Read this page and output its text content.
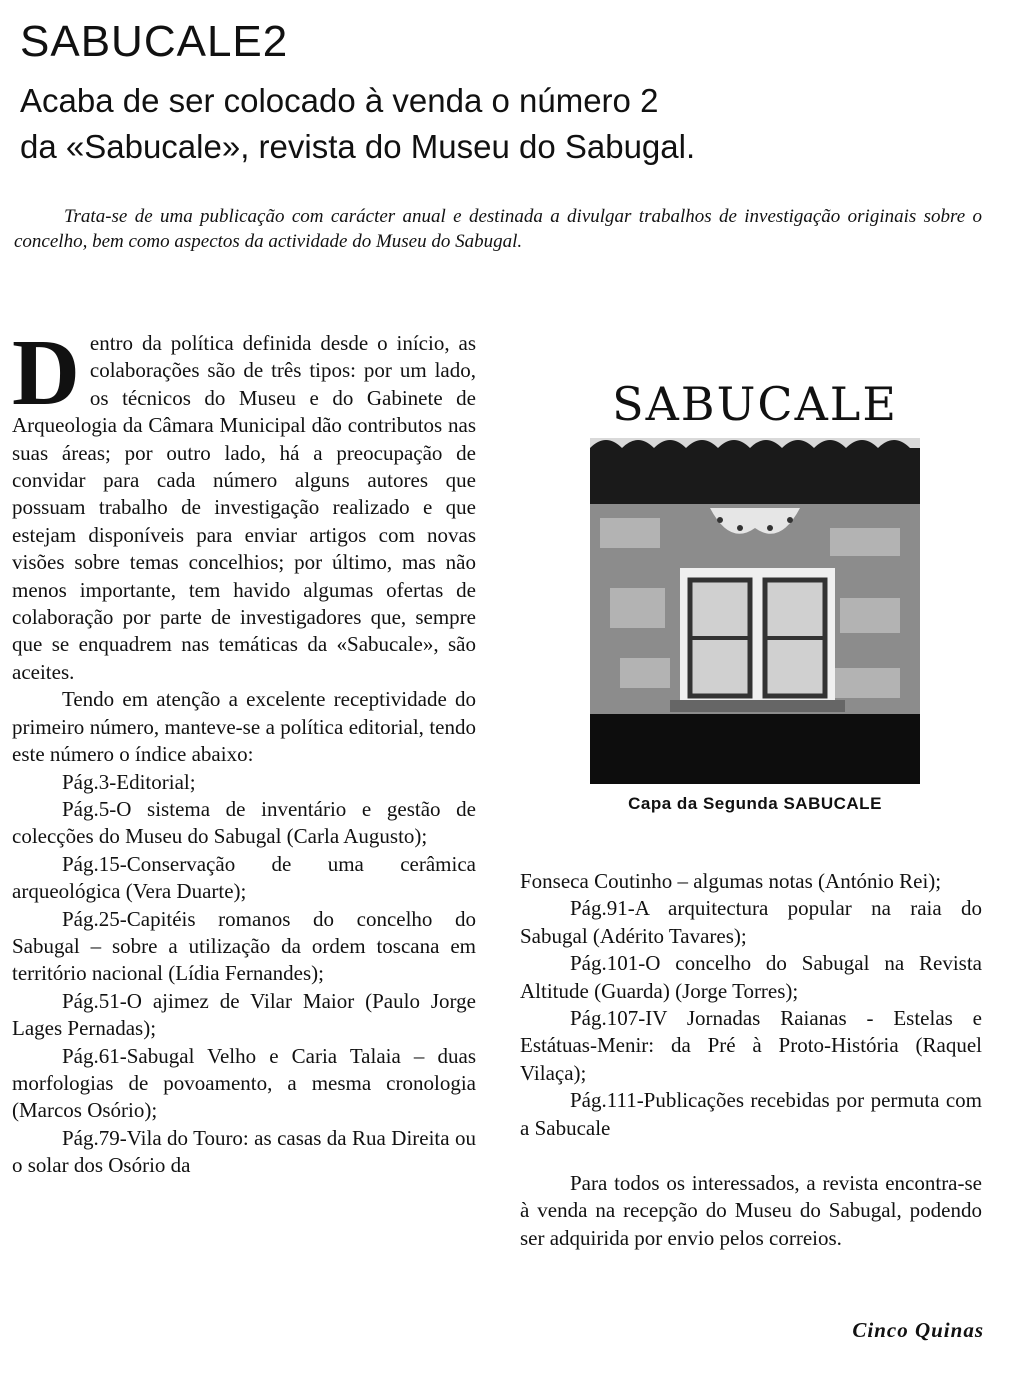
SABUCALE2
Acaba de ser colocado à venda o número 2
da «Sabucale», revista do Museu do Sabugal.

Trata-se de uma publicação com carácter anual e destinada a divulgar trabalhos de investigação originais sobre o concelho, bem como aspectos da actividade do Museu do Sabugal.

Dentro da política definida desde o início, as colaborações são de três tipos: por um lado, os técnicos do Museu e do Gabinete de Arqueologia da Câmara Municipal dão contributos nas suas áreas; por outro lado, há a preocupação de convidar para cada número alguns autores que possuam trabalho de investigação realizado e que estejam disponíveis para enviar artigos com novas visões sobre temas concelhios; por último, mas não menos importante, tem havido algumas ofertas de colaboração por parte de investigadores que, sempre que se enquadrem nas temáticas da «Sabucale», são aceites.

Tendo em atenção a excelente receptividade do primeiro número, manteve-se a política editorial, tendo este número o índice abaixo:

Pág.3-Editorial;

Pág.5-O sistema de inventário e gestão de colecções do Museu do Sabugal (Carla Augusto);

Pág.15-Conservação de uma cerâmica arqueológica (Vera Duarte);

Pág.25-Capitéis romanos do concelho do Sabugal – sobre a utilização da ordem toscana em território nacional (Lídia Fernandes);

Pág.51-O ajimez de Vilar Maior (Paulo Jorge Lages Pernadas);

Pág.61-Sabugal Velho e Caria Talaia – duas morfologias de povoamento, a mesma cronologia (Marcos Osório);

Pág.79-Vila do Touro: as casas da Rua Direita ou o solar dos Osório da

SABUCALE
Capa da Segunda SABUCALE

Fonseca Coutinho – algumas notas (António Rei);

Pág.91-A arquitectura popular na raia do Sabugal (Adérito Tavares);

Pág.101-O concelho do Sabugal na Revista Altitude (Guarda) (Jorge Torres);

Pág.107-IV Jornadas Raianas - Estelas e Estátuas-Menir: da Pré à Proto-História (Raquel Vilaça);

Pág.111-Publicações recebidas por permuta com a Sabucale

Para todos os interessados, a revista encontra-se à venda na recepção do Museu do Sabugal, podendo ser adquirida por envio pelos correios.

Cinco Quinas
